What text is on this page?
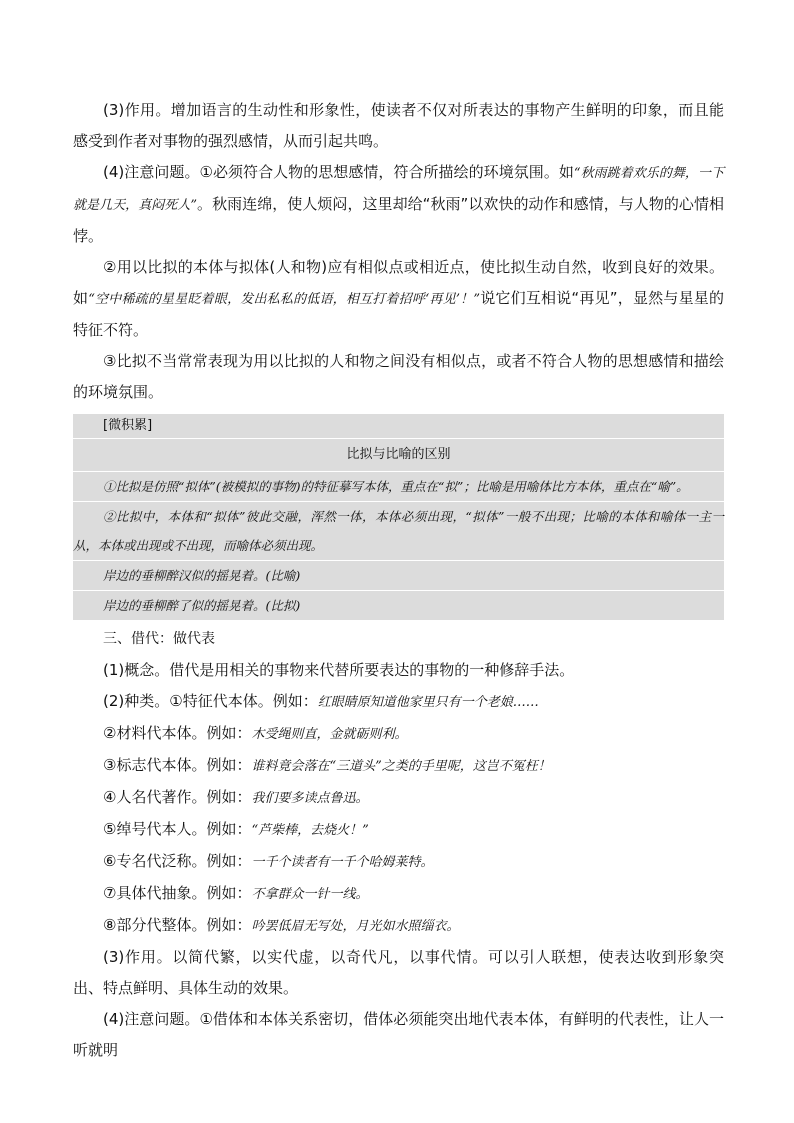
(3)作用。增加语言的生动性和形象性，使读者不仅对所表达的事物产生鲜明的印象，而且能感受到作者对事物的强烈感情，从而引起共鸣。

(4)注意问题。①必须符合人物的思想感情，符合所描绘的环境氛围。如“秋雨跳着欢乐的舞，一下就是几天，真闷死人”。秋雨连绵，使人烦闷，这里却给“秋雨”以欢快的动作和感情，与人物的心情相悖。

②用以比拟的本体与拟体(人和物)应有相似点或相近点，使比拟生动自然，收到良好的效果。如“空中稀疏的星星眨着眼，发出私私的低语，相互打着招呼‘再见’！”说它们互相说“再见”，显然与星星的特征不符。

③比拟不当常常表现为用以比拟的人和物之间没有相似点，或者不符合人物的思想感情和描绘的环境氛围。

[微积累]
比拟与比喻的区别
①比拟是仿照“拟体”(被模拟的事物)的特征摹写本体，重点在“拟”；比喻是用喻体比方本体，重点在“喻”。
②比拟中，本体和“拟体”彼此交融，浑然一体，本体必须出现，“拟体”一般不出现；比喻的本体和喻体一主一从，本体或出现或不出现，而喻体必须出现。
岸边的垂柳醉汉似的摇晃着。(比喻)
岸边的垂柳醉了似的摇晃着。(比拟)

三、借代：做代表

(1)概念。借代是用相关的事物来代替所要表达的事物的一种修辞手法。

(2)种类。①特征代本体。例如：红眼睛原知道他家里只有一个老娘……

②材料代本体。例如：木受绳则直，金就砺则利。

③标志代本体。例如：谁料竟会落在“三道头”之类的手里呢，这岂不冤枉！

④人名代著作。例如：我们要多读点鲁迅。

⑤绰号代本人。例如：“芦柴棒，去烧火！”

⑥专名代泛称。例如：一千个读者有一千个哈姆莱特。

⑦具体代抽象。例如：不拿群众一针一线。

⑧部分代整体。例如：吟罢低眉无写处，月光如水照缁衣。

(3)作用。以简代繁，以实代虚，以奇代凡，以事代情。可以引人联想，使表达收到形象突出、特点鲜明、具体生动的效果。

(4)注意问题。①借体和本体关系密切，借体必须能突出地代表本体，有鲜明的代表性，让人一听就明
